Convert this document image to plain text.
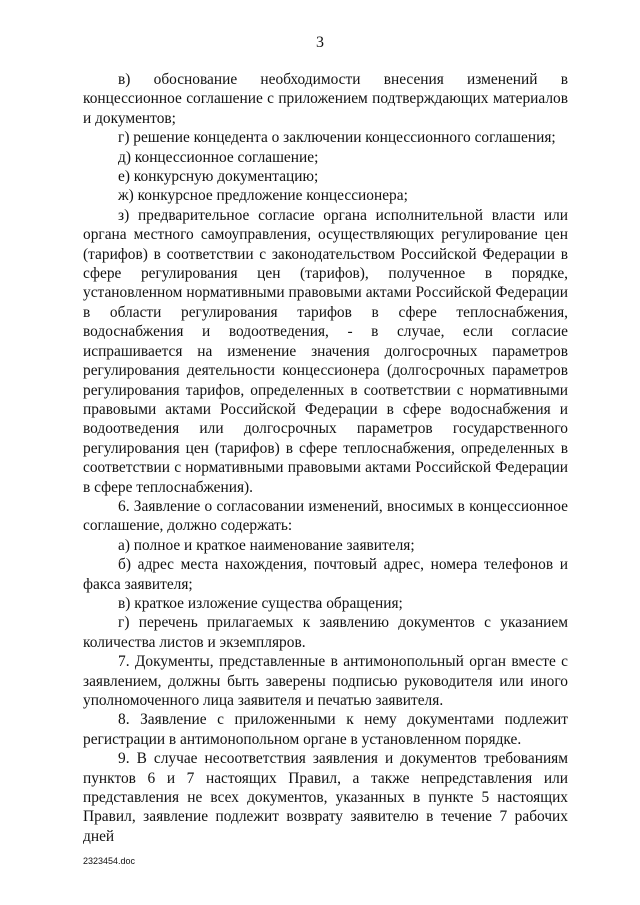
3

в) обоснование необходимости внесения изменений в концессионное соглашение с приложением подтверждающих материалов и документов;

г) решение концедента о заключении концессионного соглашения;

д) концессионное соглашение;

е) конкурсную документацию;

ж) конкурсное предложение концессионера;

з) предварительное согласие органа исполнительной власти или органа местного самоуправления, осуществляющих регулирование цен (тарифов) в соответствии с законодательством Российской Федерации в сфере регулирования цен (тарифов), полученное в порядке, установленном нормативными правовыми актами Российской Федерации в области регулирования тарифов в сфере теплоснабжения, водоснабжения и водоотведения, - в случае, если согласие испрашивается на изменение значения долгосрочных параметров регулирования деятельности концессионера (долгосрочных параметров регулирования тарифов, определенных в соответствии с нормативными правовыми актами Российской Федерации в сфере водоснабжения и водоотведения или долгосрочных параметров государственного регулирования цен (тарифов) в сфере теплоснабжения, определенных в соответствии с нормативными правовыми актами Российской Федерации в сфере теплоснабжения).

6. Заявление о согласовании изменений, вносимых в концессионное соглашение, должно содержать:

а) полное и краткое наименование заявителя;

б) адрес места нахождения, почтовый адрес, номера телефонов и факса заявителя;

в) краткое изложение существа обращения;

г) перечень прилагаемых к заявлению документов с указанием количества листов и экземпляров.

7. Документы, представленные в антимонопольный орган вместе с заявлением, должны быть заверены подписью руководителя или иного уполномоченного лица заявителя и печатью заявителя.

8. Заявление с приложенными к нему документами подлежит регистрации в антимонопольном органе в установленном порядке.

9. В случае несоответствия заявления и документов требованиям пунктов 6 и 7 настоящих Правил, а также непредставления или представления не всех документов, указанных в пункте 5 настоящих Правил, заявление подлежит возврату заявителю в течение 7 рабочих дней

2323454.doc
